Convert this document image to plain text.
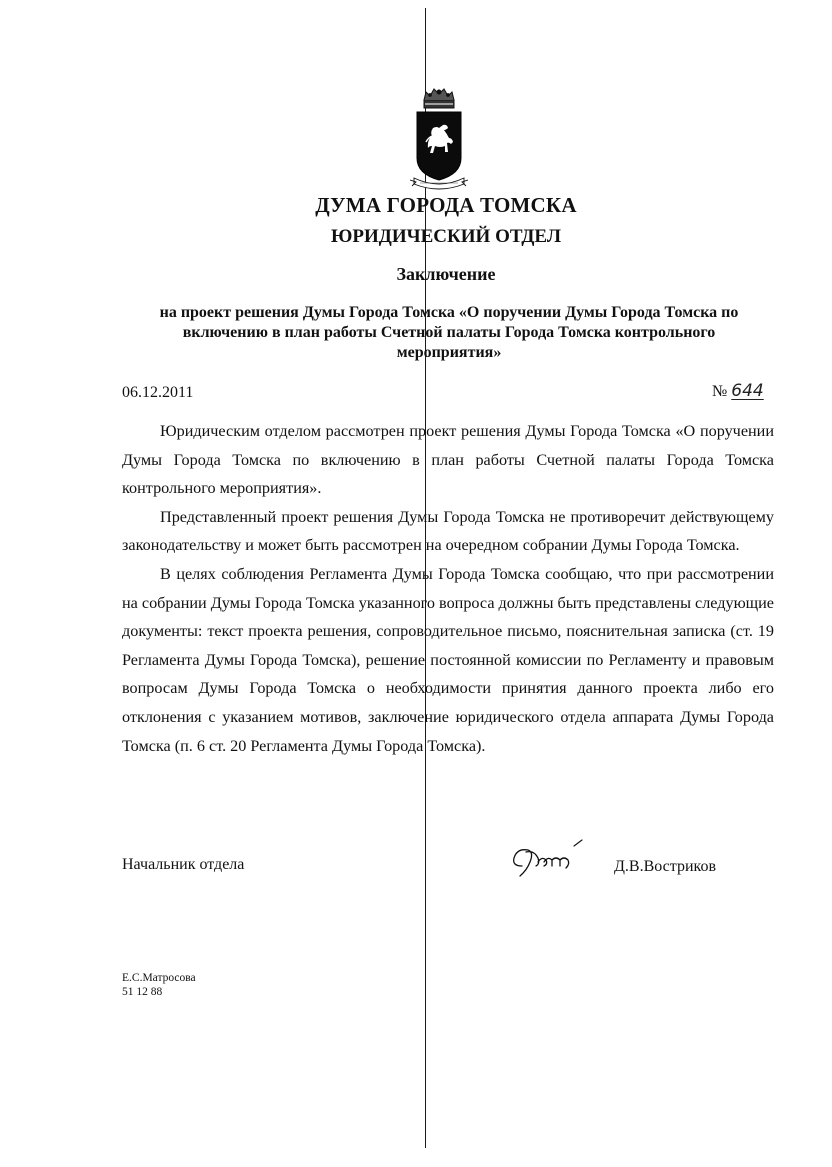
ДУМА ГОРОДА ТОМСКА
ЮРИДИЧЕСКИЙ ОТДЕЛ
Заключение
на проект решения Думы Города Томска «О поручении Думы Города Томска по включению в план работы Счетной палаты Города Томска контрольного мероприятия»
06.12.2011	№ 644

Юридическим отделом рассмотрен проект решения Думы Города Томска «О поручении Думы Города Томска по включению в план работы Счетной палаты Города Томска контрольного мероприятия».

Представленный проект решения Думы Города Томска не противоречит действующему законодательству и может быть рассмотрен на очередном собрании Думы Города Томска.

В целях соблюдения Регламента Думы Города Томска сообщаю, что при рассмотрении на собрании Думы Города Томска указанного вопроса должны быть представлены следующие документы: текст проекта решения, сопроводительное письмо, пояснительная записка (ст. 19 Регламента Думы Города Томска), решение постоянной комиссии по Регламенту и правовым вопросам Думы Города Томска о необходимости принятия данного проекта либо его отклонения с указанием мотивов, заключение юридического отдела аппарата Думы Города Томска (п. 6 ст. 20 Регламента Думы Города Томска).

Начальник отдела	Д.В.Востриков
Е.С.Матросова
51 12 88
